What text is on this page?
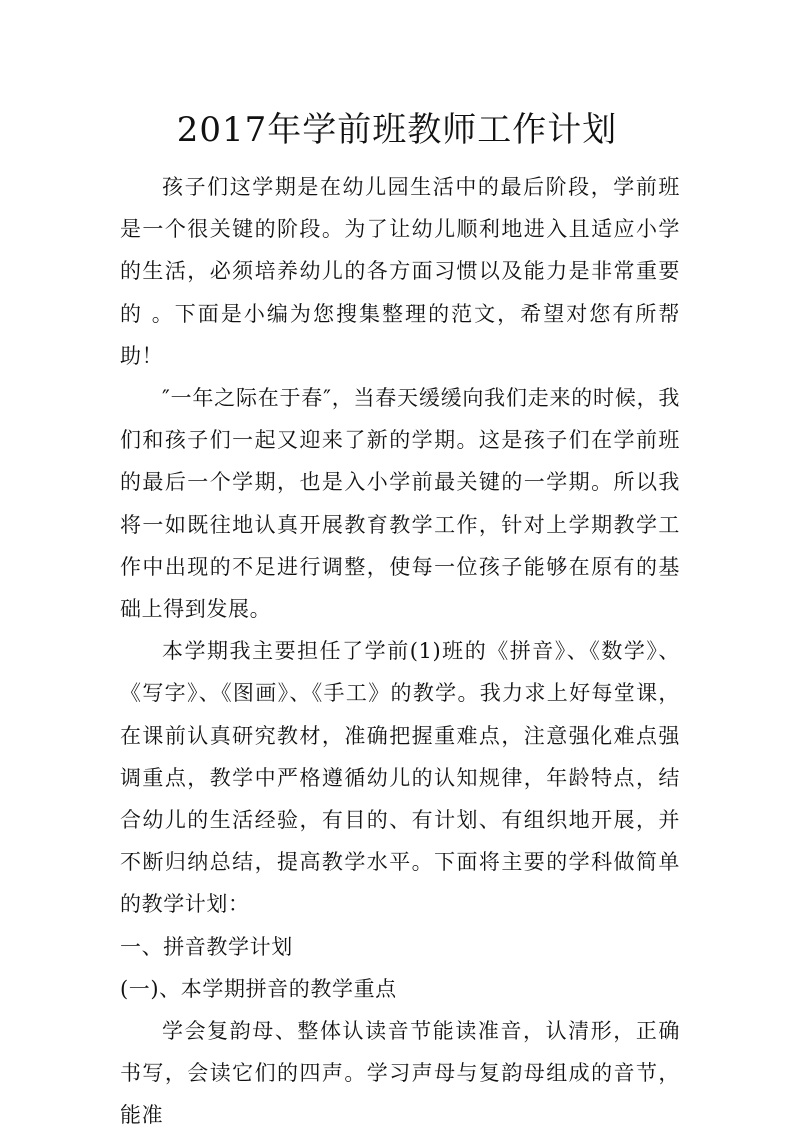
2017年学前班教师工作计划

孩子们这学期是在幼儿园生活中的最后阶段，学前班是一个很关键的阶段。为了让幼儿顺利地进入且适应小学的生活，必须培养幼儿的各方面习惯以及能力是非常重要的 。下面是小编为您搜集整理的范文，希望对您有所帮助！

″一年之际在于春″，当春天缓缓向我们走来的时候，我们和孩子们一起又迎来了新的学期。这是孩子们在学前班的最后一个学期，也是入小学前最关键的一学期。所以我将一如既往地认真开展教育教学工作，针对上学期教学工作中出现的不足进行调整，使每一位孩子能够在原有的基础上得到发展。

本学期我主要担任了学前(1)班的《拼音》、《数学》、《写字》、《图画》、《手工》的教学。我力求上好每堂课，在课前认真研究教材，准确把握重难点，注意强化难点强调重点，教学中严格遵循幼儿的认知规律，年龄特点，结合幼儿的生活经验，有目的、有计划、有组织地开展，并不断归纳总结，提高教学水平。下面将主要的学科做简单的教学计划：

一、拼音教学计划

(一)、本学期拼音的教学重点

学会复韵母、整体认读音节能读准音，认清形，正确书写，会读它们的四声。学习声母与复韵母组成的音节，能准
